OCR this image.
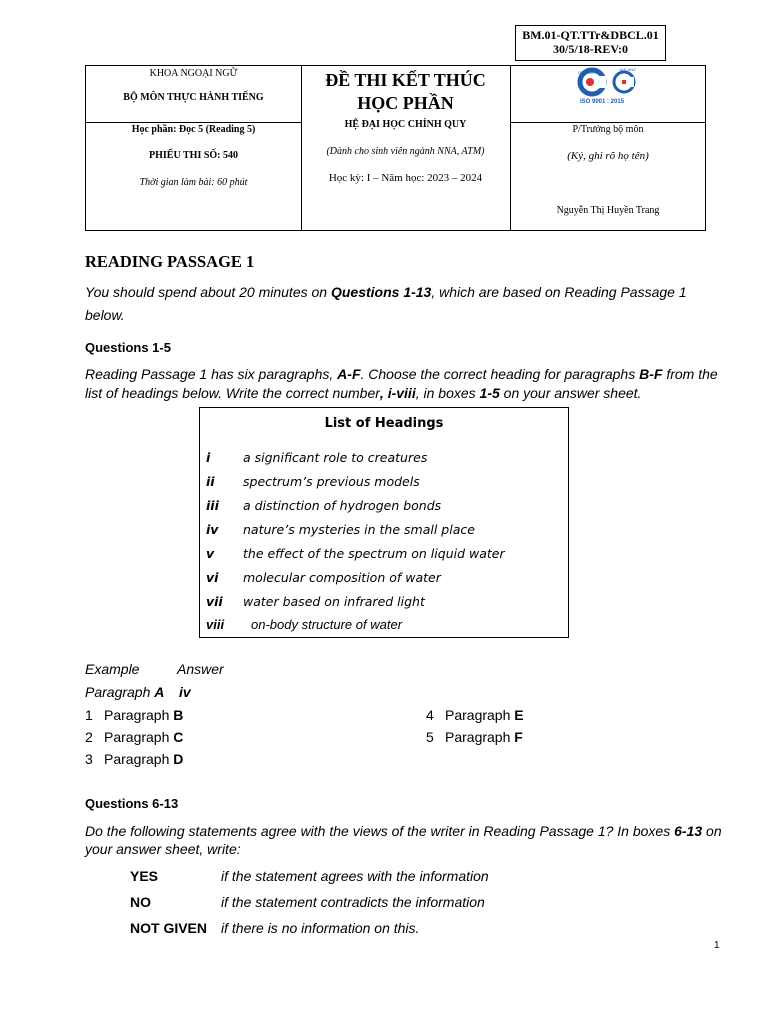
BM.01-QT.TTr&DBCL.01
30/5/18-REV:0
KHOA NGOẠI NGỮ
BỘ MÔN THỰC HÀNH TIẾNG
Học phần: Đọc 5 (Reading 5)
PHIẾU THI SỐ: 540
Thời gian làm bài: 60 phút
ĐỀ THI KẾT THÚC
HỌC PHẦN
HỆ ĐẠI HỌC CHÍNH QUY
(Dành cho sinh viên ngành NNA, ATM)
Học kỳ: I – Năm học: 2023 – 2024
P/Trưởng bộ môn
(Ký, ghi rõ họ tên)
Nguyễn Thị Huyền Trang
QUACERT
JAS-ANZ
ISO 9001 : 2015
READING PASSAGE 1
You should spend about 20 minutes on Questions 1-13, which are based on Reading Passage 1
below.
Questions 1-5
Reading Passage 1 has six paragraphs, A-F. Choose the correct heading for paragraphs B-F from the
list of headings below. Write the correct number, i-viii, in boxes 1-5 on your answer sheet.
List of Headings
i	a significant role to creatures
ii spectrum’s previous models
iii a distinction of hydrogen bonds
iv nature’s mysteries in the small place
v the effect of the spectrum on liquid water
vi molecular composition of water
vii water based on infrared light
viii on-body structure of water
Example	Answer
Paragraph A iv
1 Paragraph B
2 Paragraph C
3 Paragraph D
4 Paragraph E
5 Paragraph F
Questions 6-13
Do the following statements agree with the views of the writer in Reading Passage 1? In boxes 6-13 on
your answer sheet, write:
YES	if the statement agrees with the information
NO	if the statement contradicts the information
NOT GIVEN if there is no information on this.
1
